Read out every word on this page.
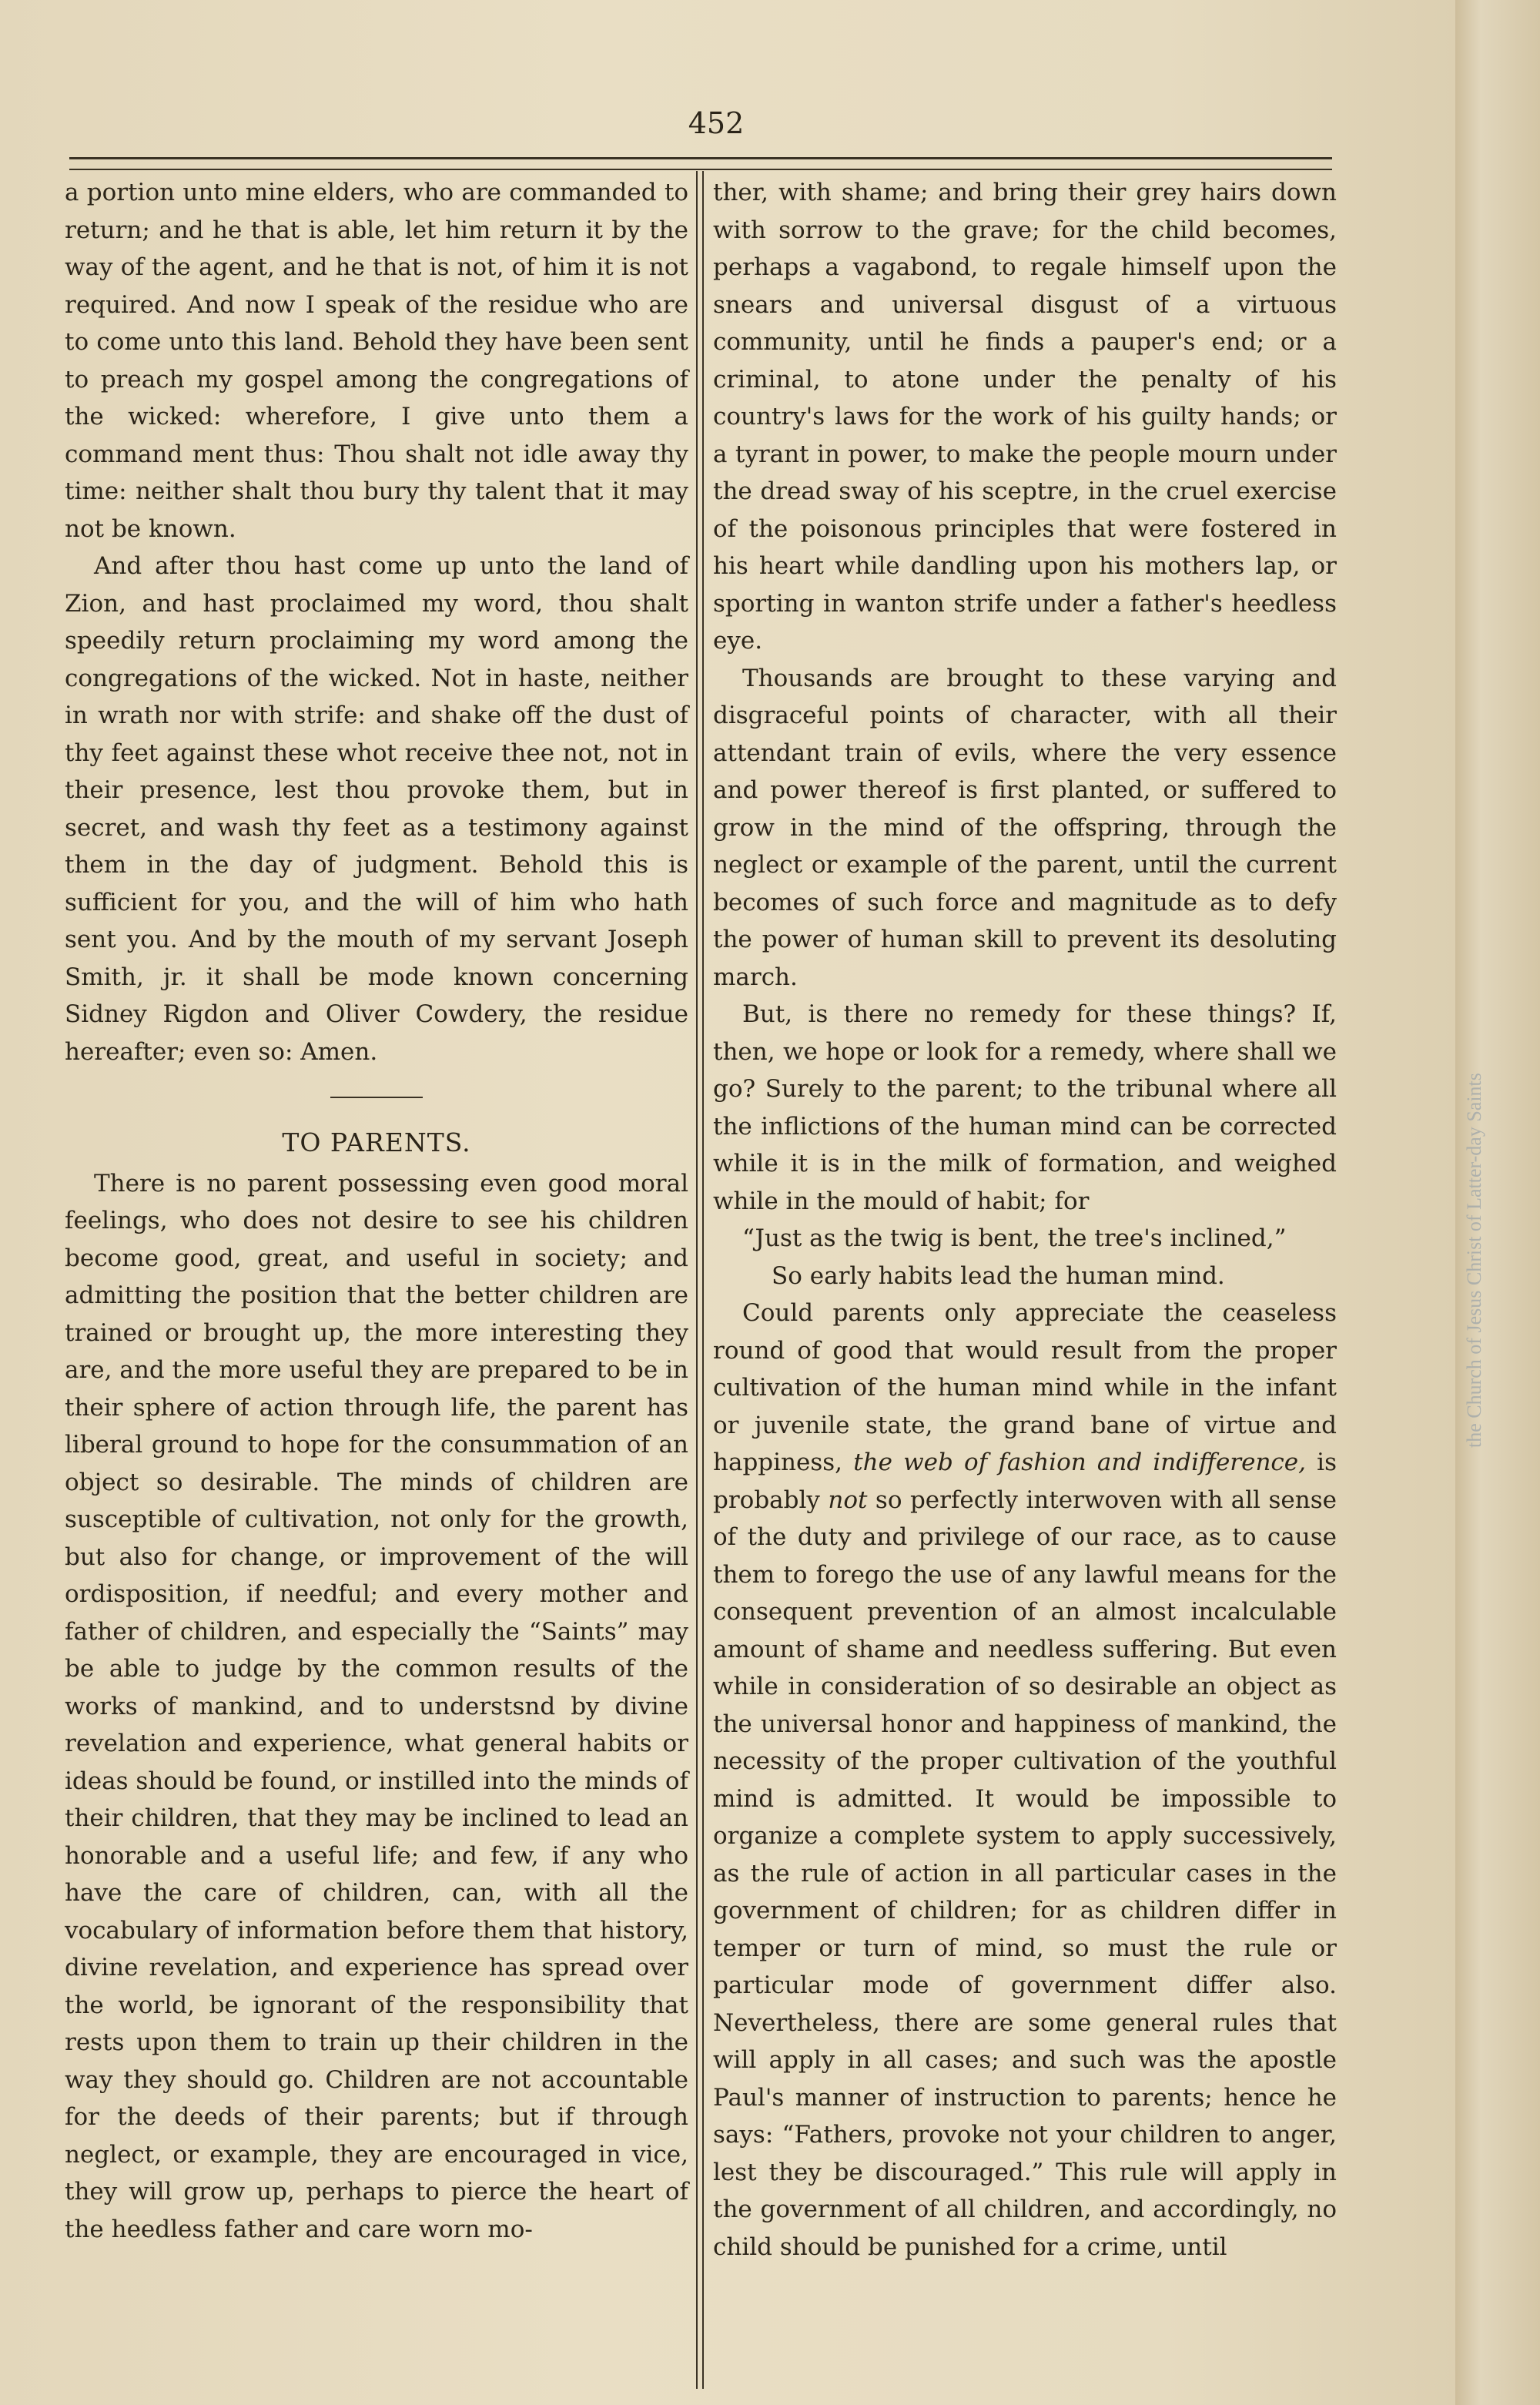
the Church of Jesus Christ of Latter-day Saints
452

a portion unto mine elders, who are commanded to return; and he that is able, let him return it by the way of the agent, and he that is not, of him it is not required. And now I speak of the residue who are to come unto this land. Behold they have been sent to preach my gospel among the congregations of the wicked: wherefore, I give unto them a command ment thus: Thou shalt not idle away thy time: neither shalt thou bury thy talent that it may not be known.

And after thou hast come up unto the land of Zion, and hast proclaimed my word, thou shalt speedily return proclaiming my word among the congregations of the wicked. Not in haste, neither in wrath nor with strife: and shake off the dust of thy feet against these whot receive thee not, not in their presence, lest thou provoke them, but in secret, and wash thy feet as a testimony against them in the day of judgment. Behold this is sufficient for you, and the will of him who hath sent you. And by the mouth of my servant Joseph Smith, jr. it shall be mode known concerning Sidney Rigdon and Oliver Cowdery, the residue hereafter; even so: Amen.

TO PARENTS.

There is no parent possessing even good moral feelings, who does not desire to see his children become good, great, and useful in society; and admitting the position that the better children are trained or brought up, the more interesting they are, and the more useful they are prepared to be in their sphere of action through life, the parent has liberal ground to hope for the consummation of an object so desirable. The minds of children are susceptible of cultivation, not only for the growth, but also for change, or improvement of the will ordisposition, if needful; and every mother and father of children, and especially the “Saints” may be able to judge by the common results of the works of mankind, and to understsnd by divine revelation and experience, what general habits or ideas should be found, or instilled into the minds of their children, that they may be inclined to lead an honorable and a useful life; and few, if any who have the care of children, can, with all the vocabulary of information before them that history, divine revelation, and experience has spread over the world, be ignorant of the responsibility that rests upon them to train up their children in the way they should go. Children are not accountable for the deeds of their parents; but if through neglect, or example, they are encouraged in vice, they will grow up, perhaps to pierce the heart of the heedless father and care worn mo-

ther, with shame; and bring their grey hairs down with sorrow to the grave; for the child becomes, perhaps a vagabond, to regale himself upon the snears and universal disgust of a virtuous community, until he finds a pauper's end; or a criminal, to atone under the penalty of his country's laws for the work of his guilty hands; or a tyrant in power, to make the people mourn under the dread sway of his sceptre, in the cruel exercise of the poisonous principles that were fostered in his heart while dandling upon his mothers lap, or sporting in wanton strife under a father's heedless eye.

Thousands are brought to these varying and disgraceful points of character, with all their attendant train of evils, where the very essence and power thereof is first planted, or suffered to grow in the mind of the offspring, through the neglect or example of the parent, until the current becomes of such force and magnitude as to defy the power of human skill to prevent its desoluting march.

But, is there no remedy for these things? If, then, we hope or look for a remedy, where shall we go? Surely to the parent; to the tribunal where all the inflictions of the human mind can be corrected while it is in the milk of formation, and weighed while in the mould of habit; for

“Just as the twig is bent, the tree's inclined,”

So early habits lead the human mind.

Could parents only appreciate the ceaseless round of good that would result from the proper cultivation of the human mind while in the infant or juvenile state, the grand bane of virtue and happiness, the web of fashion and indifference, is probably not so perfectly interwoven with all sense of the duty and privilege of our race, as to cause them to forego the use of any lawful means for the consequent prevention of an almost incalculable amount of shame and needless suffering. But even while in consideration of so desirable an object as the universal honor and happiness of mankind, the necessity of the proper cultivation of the youthful mind is admitted. It would be impossible to organize a complete system to apply successively, as the rule of action in all particular cases in the government of children; for as children differ in temper or turn of mind, so must the rule or particular mode of government differ also. Nevertheless, there are some general rules that will apply in all cases; and such was the apostle Paul's manner of instruction to parents; hence he says: “Fathers, provoke not your children to anger, lest they be discouraged.” This rule will apply in the government of all children, and accordingly, no child should be punished for a crime, until
